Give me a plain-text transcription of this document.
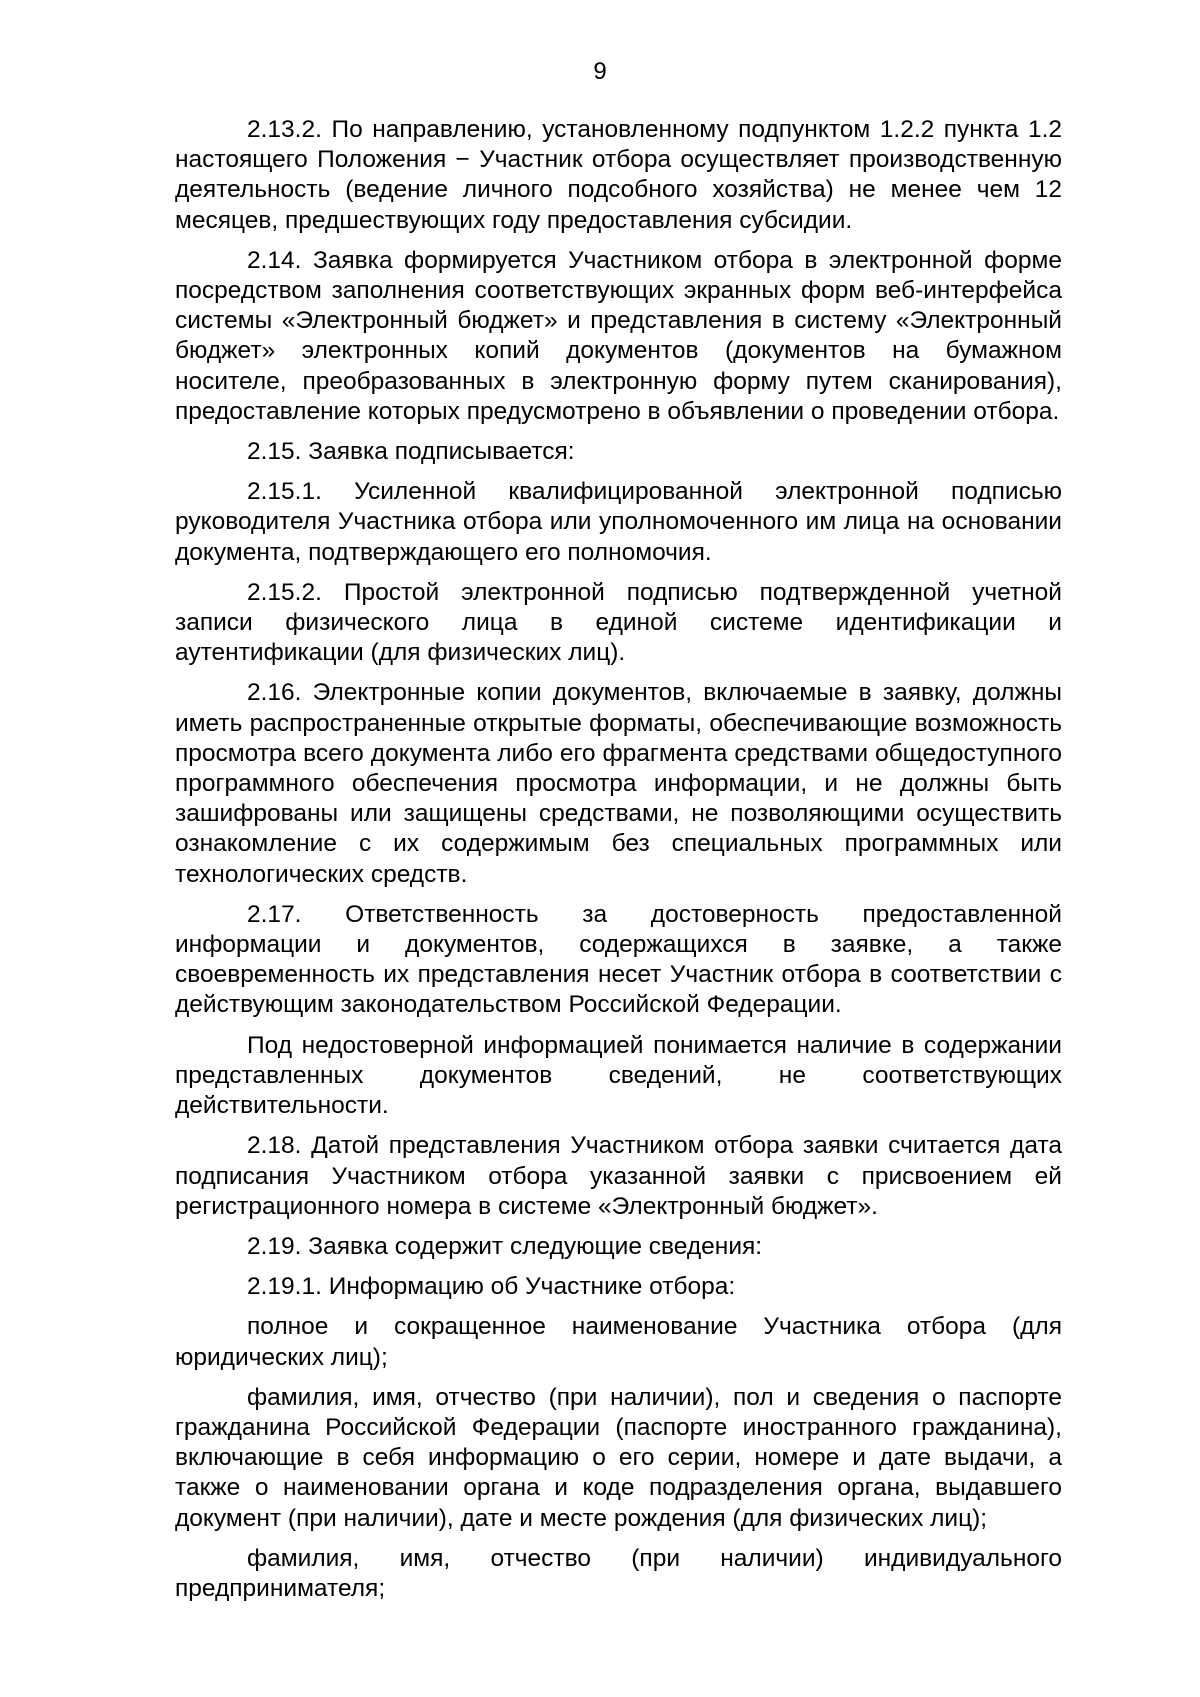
9

2.13.2. По направлению, установленному подпунктом 1.2.2 пункта 1.2 настоящего Положения − Участник отбора осуществляет производственную деятельность (ведение личного подсобного хозяйства) не менее чем 12 месяцев, предшествующих году предоставления субсидии.

2.14. Заявка формируется Участником отбора в электронной форме посредством заполнения соответствующих экранных форм веб-интерфейса системы «Электронный бюджет» и представления в систему «Электронный бюджет» электронных копий документов (документов на бумажном носителе, преобразованных в электронную форму путем сканирования), предоставление которых предусмотрено в объявлении о проведении отбора.

2.15. Заявка подписывается:

2.15.1. Усиленной квалифицированной электронной подписью руководителя Участника отбора или уполномоченного им лица на основании документа, подтверждающего его полномочия.

2.15.2. Простой электронной подписью подтвержденной учетной записи физического лица в единой системе идентификации и аутентификации (для физических лиц).

2.16. Электронные копии документов, включаемые в заявку, должны иметь распространенные открытые форматы, обеспечивающие возможность просмотра всего документа либо его фрагмента средствами общедоступного программного обеспечения просмотра информации, и не должны быть зашифрованы или защищены средствами, не позволяющими осуществить ознакомление с их содержимым без специальных программных или технологических средств.

2.17. Ответственность за достоверность предоставленной информации и документов, содержащихся в заявке, а также своевременность их представления несет Участник отбора в соответствии с действующим законодательством Российской Федерации.

Под недостоверной информацией понимается наличие в содержании представленных документов сведений, не соответствующих действительности.

2.18. Датой представления Участником отбора заявки считается дата подписания Участником отбора указанной заявки с присвоением ей регистрационного номера в системе «Электронный бюджет».

2.19. Заявка содержит следующие сведения:

2.19.1. Информацию об Участнике отбора:

полное и сокращенное наименование Участника отбора (для юридических лиц);

фамилия, имя, отчество (при наличии), пол и сведения о паспорте гражданина Российской Федерации (паспорте иностранного гражданина), включающие в себя информацию о его серии, номере и дате выдачи, а также о наименовании органа и коде подразделения органа, выдавшего документ (при наличии), дате и месте рождения (для физических лиц);

фамилия, имя, отчество (при наличии) индивидуального предпринимателя;
